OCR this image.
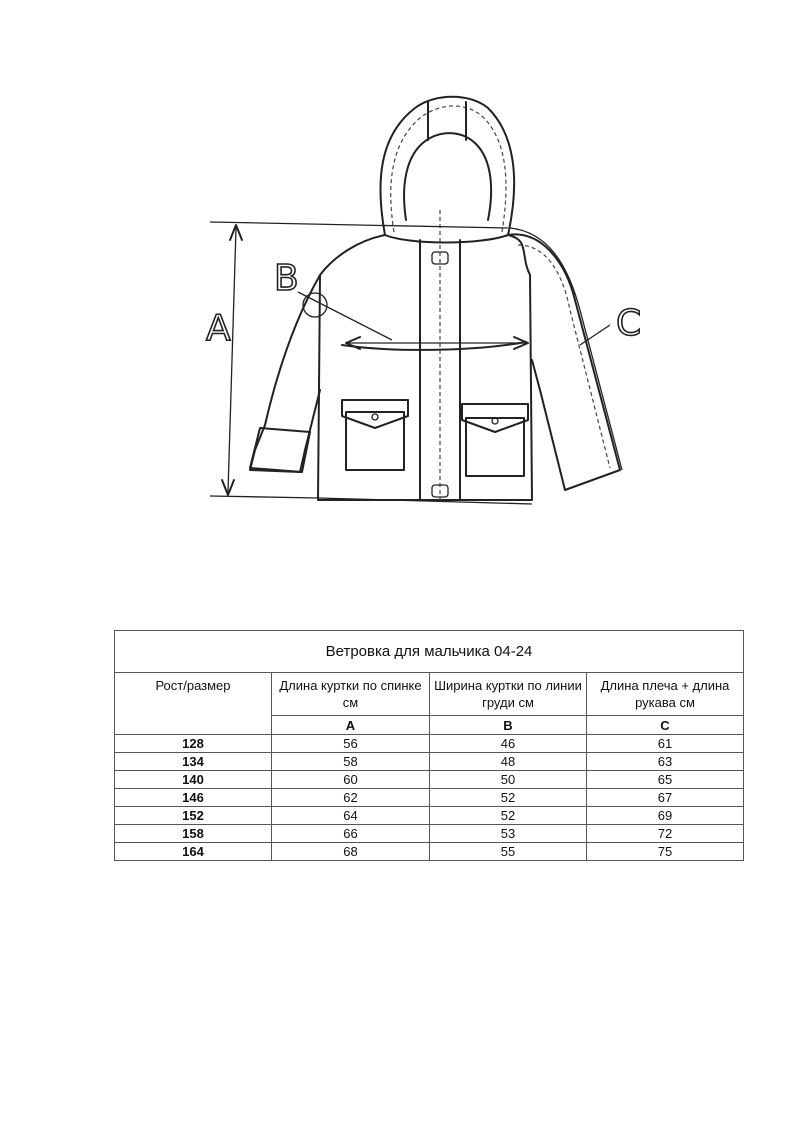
A
B
C
Ветровка для мальчика 04-24			
Рост/размер	Длина куртки по спинке см	Ширина куртки по линии груди см	Длина плеча + длина рукава см
	A	B	C
128	56	46	61
134	58	48	63
140	60	50	65
146	62	52	67
152	64	52	69
158	66	53	72
164	68	55	75
